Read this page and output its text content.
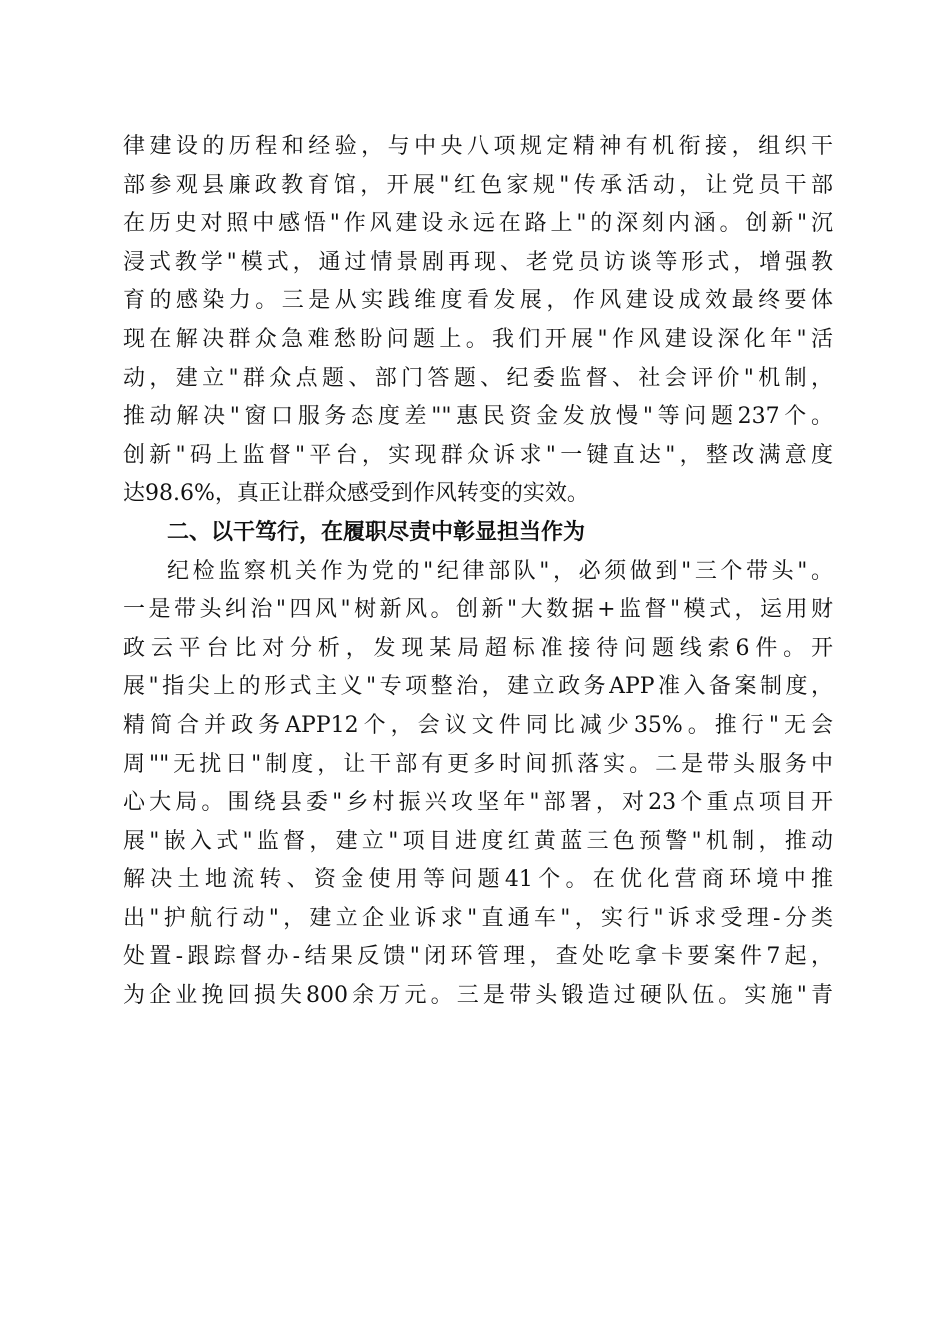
律建设的历程和经验，与中央八项规定精神有机衔接，组织干
部参观县廉政教育馆，开展"红色家规"传承活动，让党员干部
在历史对照中感悟"作风建设永远在路上"的深刻内涵。创新"沉
浸式教学"模式，通过情景剧再现、老党员访谈等形式，增强教
育的感染力。三是从实践维度看发展，作风建设成效最终要体
现在解决群众急难愁盼问题上。我们开展"作风建设深化年"活
动，建立"群众点题、部门答题、纪委监督、社会评价"机制，
推动解决"窗口服务态度差""惠民资金发放慢"等问题237个。
创新"码上监督"平台，实现群众诉求"一键直达"，整改满意度
达98.6%，真正让群众感受到作风转变的实效。
二、以干笃行，在履职尽责中彰显担当作为
纪检监察机关作为党的"纪律部队"，必须做到"三个带头"。
一是带头纠治"四风"树新风。创新"大数据+监督"模式，运用财
政云平台比对分析，发现某局超标准接待问题线索6件。开
展"指尖上的形式主义"专项整治，建立政务APP准入备案制度，
精简合并政务APP12个，会议文件同比减少35%。推行"无会
周""无扰日"制度，让干部有更多时间抓落实。二是带头服务中
心大局。围绕县委"乡村振兴攻坚年"部署，对23个重点项目开
展"嵌入式"监督，建立"项目进度红黄蓝三色预警"机制，推动
解决土地流转、资金使用等问题41个。在优化营商环境中推
出"护航行动"，建立企业诉求"直通车"，实行"诉求受理-分类
处置-跟踪督办-结果反馈"闭环管理，查处吃拿卡要案件7起，
为企业挽回损失800余万元。三是带头锻造过硬队伍。实施"青
